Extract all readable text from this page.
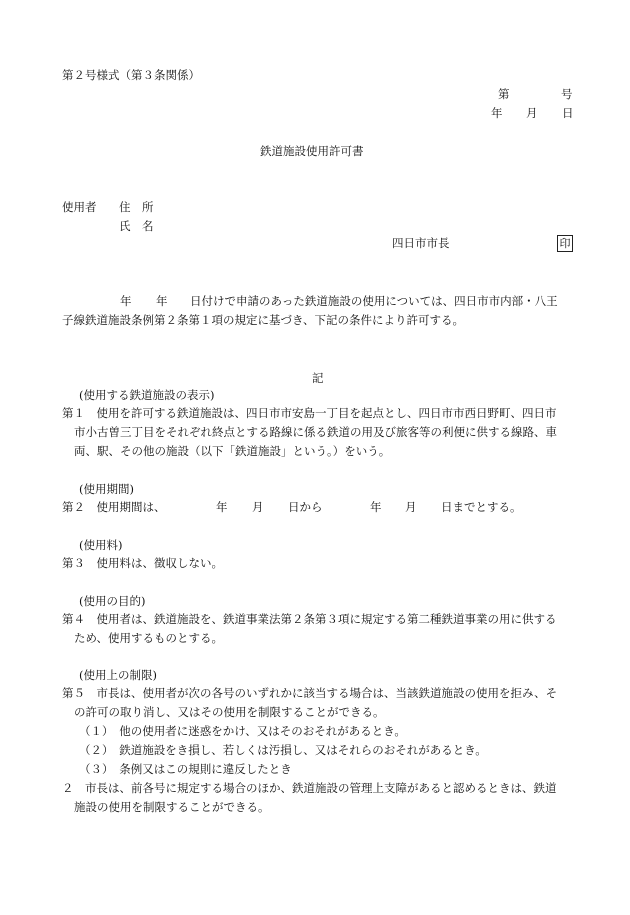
第２号様式（第３条関係）
第	号
年 月 日
鉄道施設使用許可書
使用者 住　所
氏　名
四日市市長	印
年 年 日付けで申請のあった鉄道施設の使用については、四日市市内部・八王
子線鉄道施設条例第２条第１項の規定に基づき、下記の条件により許可する。
記
(使用する鉄道施設の表示)
第１　使用を許可する鉄道施設は、四日市市安島一丁目を起点とし、四日市市西日野町、四日市
市小古曽三丁目をそれぞれ終点とする路線に係る鉄道の用及び旅客等の利便に供する線路、車
両、駅、その他の施設（以下「鉄道施設」という。）をいう。
(使用期間)
第２　使用期間は、	年 月 日から	年 月 日までとする。
(使用料)
第３　使用料は、徴収しない。
(使用の目的)
第４　使用者は、鉄道施設を、鉄道事業法第２条第３項に規定する第二種鉄道事業の用に供する
ため、使用するものとする。
(使用上の制限)
第５　市長は、使用者が次の各号のいずれかに該当する場合は、当該鉄道施設の使用を拒み、そ
の許可の取り消し、又はその使用を制限することができる。
（１）　他の使用者に迷惑をかけ、又はそのおそれがあるとき。
（２）　鉄道施設をき損し、若しくは汚損し、又はそれらのおそれがあるとき。
（３）　条例又はこの規則に違反したとき
２　市長は、前各号に規定する場合のほか、鉄道施設の管理上支障があると認めるときは、鉄道
施設の使用を制限することができる。
